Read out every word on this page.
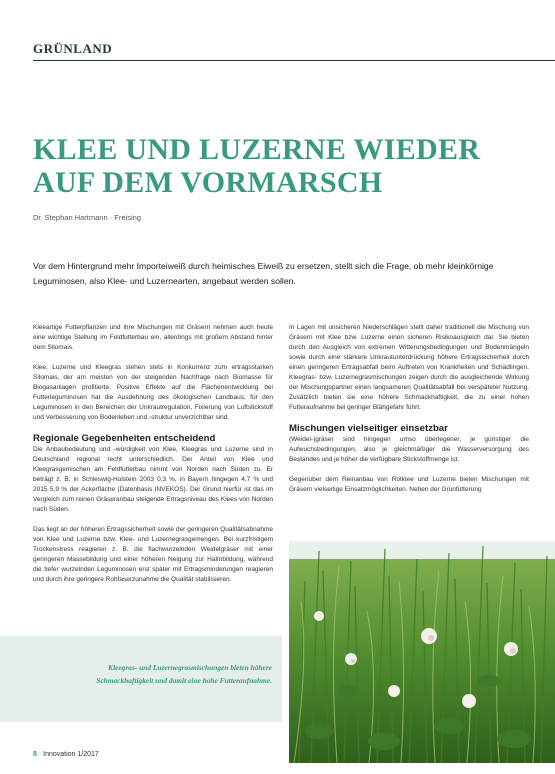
GRÜNLAND
KLEE UND LUZERNE WIEDER
AUF DEM VORMARSCH
Dr. Stephan Hartmann · Freising

Vor dem Hintergrund mehr Importeiweiß durch heimisches Eiweiß zu ersetzen, stellt sich die Frage, ob mehr kleinkörnige Leguminosen, also Klee- und Luzernearten, angebaut werden sollen.

Kleeartige Futterpflanzen und ihre Mischungen mit Gräsern nehmen auch heute eine wichtige Stellung im Feldfutterbau ein, allerdings mit großem Abstand hinter dem Silomais.

Klee, Luzerne und Kleegras stehen stets in Konkurrenz zum ertragsstarken Silomais, der am meisten von der steigenden Nachfrage nach Biomasse für Biogasanlagen profitierte. Positive Effekte auf die Flächenentwicklung bei Futterleguminosen hat die Ausdehnung des ökologischen Landbaus, für den Leguminosen in den Bereichen der Unkrautregulation, Fixierung von Luftstickstoff und Verbesserung von Bodenleben und -struktur unverzichtbar sind.

Regionale Gegebenheiten entscheidend

Die Anbaubedeutung und -würdigkeit von Klee, Kleegras und Luzerne sind in Deutschland regional recht unterschiedlich. Der Anteil von Klee und Kleegrasgemischen am Feldfutterbau nimmt von Norden nach Süden zu. Er beträgt z. B. in Schleswig-Holstein 2003 0,3 %, in Bayern hingegen 4,7 % und 2015 5,9 % der Ackerfläche (Datenbasis INVEKOS). Der Grund hierfür ist das im Vergleich zum reinen Gräseranbau steigende Ertragsniveau des Klees von Norden nach Süden.

Das liegt an der höheren Ertragssicherheit sowie der geringeren Qualitätsabnahme von Klee und Luzerne bzw. Klee- und Luzernegrasgemengen. Bei kurzfristigem Trockenstress reagieren z. B. die flachwurzelnden Weidelgräser mit einer geringeren Massebildung und einer höheren Neigung zur Halmbildung, während die tiefer wurzelnden Leguminosen erst später mit Ertragsminderungen reagieren und durch ihre geringere Rohfaserzunahme die Qualität stabilisieren.

In Lagen mit unsicheren Niederschlägen stellt daher traditionell die Mischung von Gräsern mit Klee bzw. Luzerne einen sicheren Risikoausgleich dar. Sie bieten durch den Ausgleich von extremen Witterungsbedingungen und Bodenmängeln sowie durch eine stärkere Unkrautunterdrückung höhere Ertragssicherheit durch einen geringeren Ertragsabfall beim Auftreten von Krankheiten und Schädlingen. Kleegras- bzw. Luzernegrasmischungen zeigen durch die ausgleichende Wirkung der Mischungspartner einen langsameren Qualitätsabfall bei verspäteter Nutzung. Zusätzlich bieten sie eine höhere Schmackhaftigkeit, die zu einer hohen Futteraufnahme bei geringer Blähgefahr führt.

Mischungen vielseitiger einsetzbar

(Weidel-)gräser sind hingegen umso überlegener, je günstiger die Aufwuchsbedingungen, also je gleichmäßiger die Wasserversorgung des Bestandes und je höher die verfügbare Stickstoffmenge ist.

Gegenüber dem Reinanbau von Rotklee und Luzerne bieten Mischungen mit Gräsern vielseitige Einsatzmöglichkeiten. Neben der Grünfütterung

Kleegras- und Luzernegrasmischungen bieten höhere Schmackhaftigkeit und damit eine hohe Futteraufnahme.

8 · Innovation 1/2017
